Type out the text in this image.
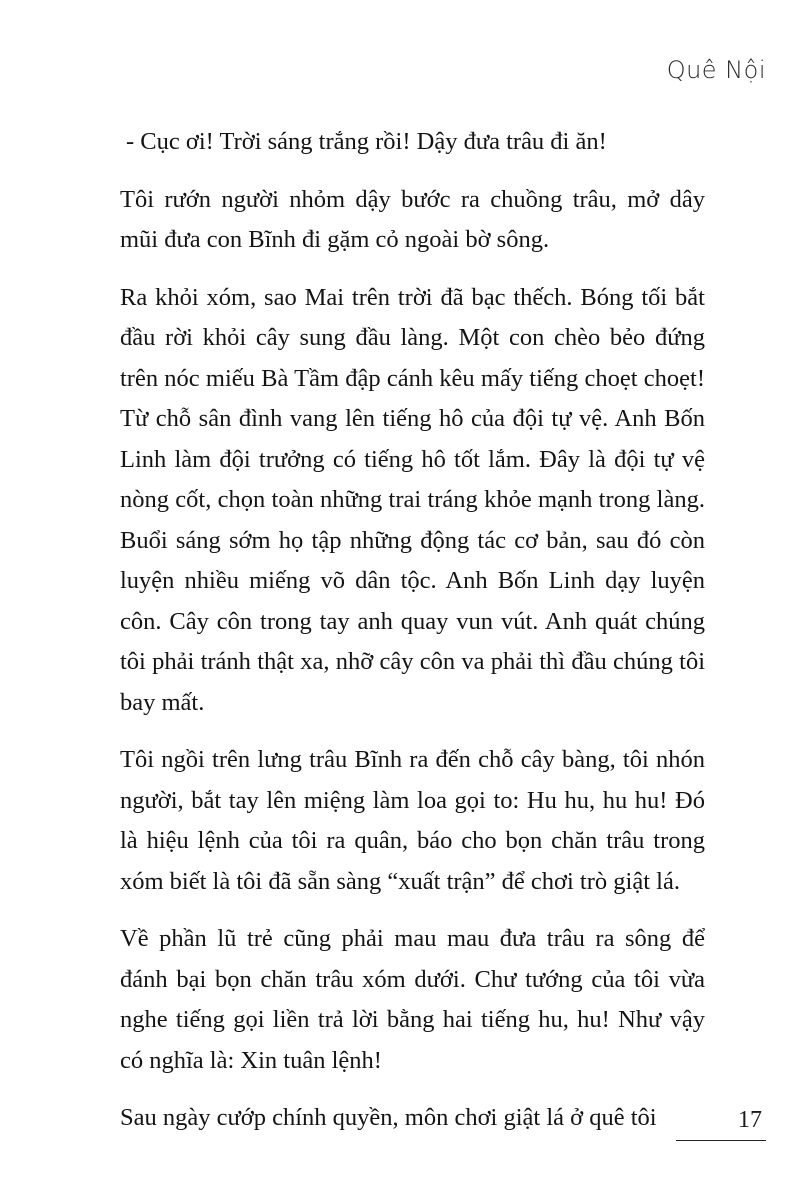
Quê Nội

- Cục ơi! Trời sáng trắng rồi! Dậy đưa trâu đi ăn!

Tôi rướn người nhỏm dậy bước ra chuồng trâu, mở dây mũi đưa con Bĩnh đi gặm cỏ ngoài bờ sông.

Ra khỏi xóm, sao Mai trên trời đã bạc thếch. Bóng tối bắt đầu rời khỏi cây sung đầu làng. Một con chèo bẻo đứng trên nóc miếu Bà Tầm đập cánh kêu mấy tiếng choẹt choẹt! Từ chỗ sân đình vang lên tiếng hô của đội tự vệ. Anh Bốn Linh làm đội trưởng có tiếng hô tốt lắm. Đây là đội tự vệ nòng cốt, chọn toàn những trai tráng khỏe mạnh trong làng. Buổi sáng sớm họ tập những động tác cơ bản, sau đó còn luyện nhiều miếng võ dân tộc. Anh Bốn Linh dạy luyện côn. Cây côn trong tay anh quay vun vút. Anh quát chúng tôi phải tránh thật xa, nhỡ cây côn va phải thì đầu chúng tôi bay mất.

Tôi ngồi trên lưng trâu Bĩnh ra đến chỗ cây bàng, tôi nhón người, bắt tay lên miệng làm loa gọi to: Hu hu, hu hu! Đó là hiệu lệnh của tôi ra quân, báo cho bọn chăn trâu trong xóm biết là tôi đã sẵn sàng “xuất trận” để chơi trò giật lá.

Về phần lũ trẻ cũng phải mau mau đưa trâu ra sông để đánh bại bọn chăn trâu xóm dưới. Chư tướng của tôi vừa nghe tiếng gọi liền trả lời bằng hai tiếng hu, hu! Như vậy có nghĩa là: Xin tuân lệnh!

Sau ngày cướp chính quyền, môn chơi giật lá ở quê tôi	17
